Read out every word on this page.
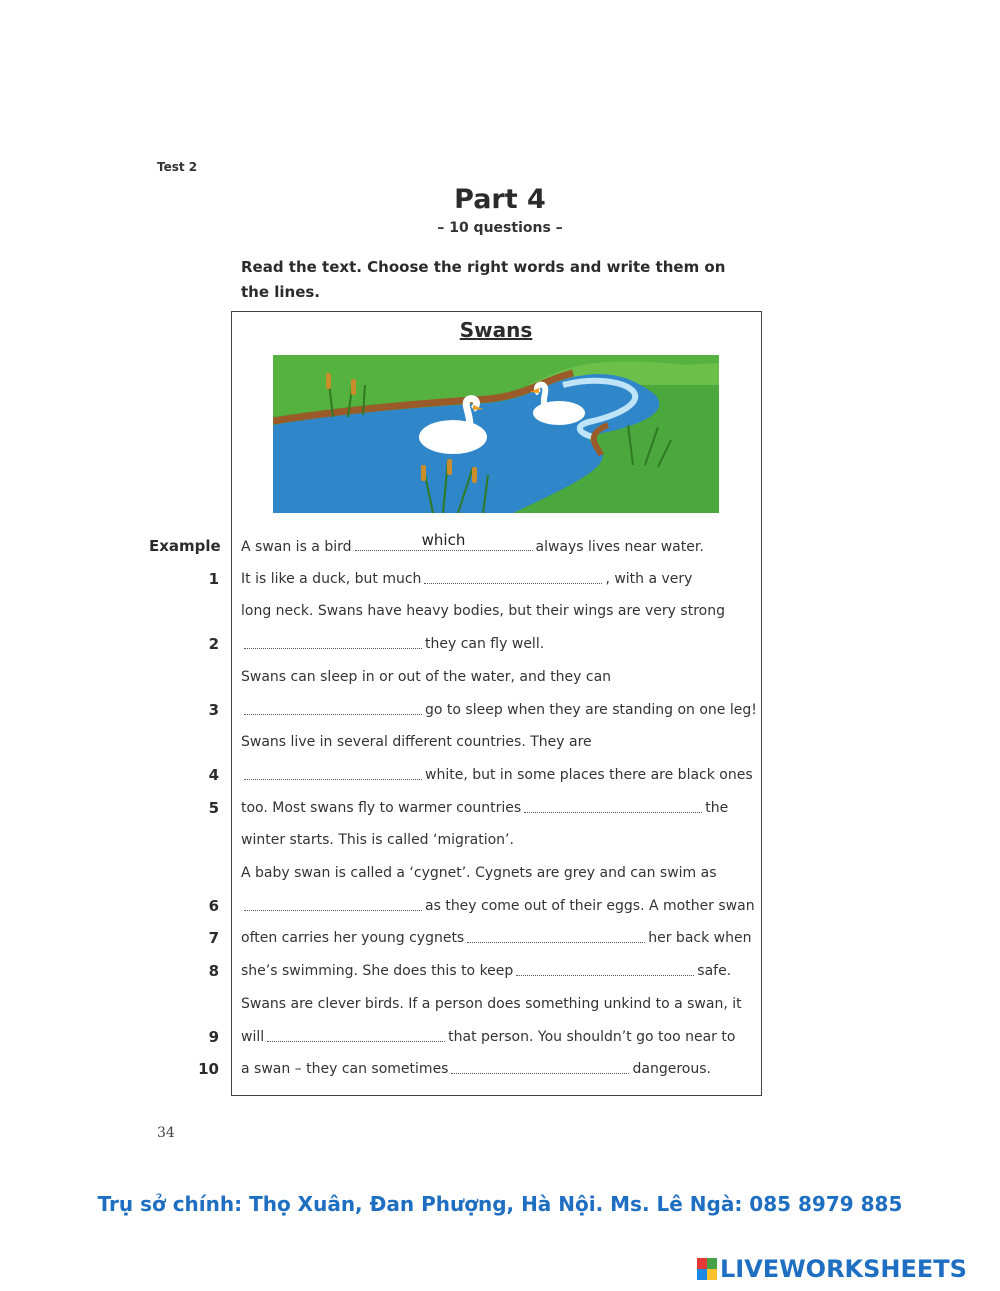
Test 2
Part 4
– 10 questions –
Read the text. Choose the right words and write them on the lines.
Swans
Example A swan is a bird	which	always lives near water.
1 It is like a duck, but much	, with a very
long neck. Swans have heavy bodies, but their wings are very strong
2	they can fly well.
Swans can sleep in or out of the water, and they can
3	go to sleep when they are standing on one leg!
Swans live in several different countries. They are
4	white, but in some places there are black ones
5 too. Most swans fly to warmer countries	the
winter starts. This is called ‘migration’.
A baby swan is called a ‘cygnet’. Cygnets are grey and can swim as
6	as they come out of their eggs. A mother swan
7 often carries her young cygnets	her back when
8 she’s swimming. She does this to keep	safe.
Swans are clever birds. If a person does something unkind to a swan, it
9 will	that person. You shouldn’t go too near to
10 a swan – they can sometimes	dangerous.
34
Trụ sở chính: Thọ Xuân, Đan Phượng, Hà Nội. Ms. Lê Ngà: 085 8979 885
LIVEWORKSHEETS
